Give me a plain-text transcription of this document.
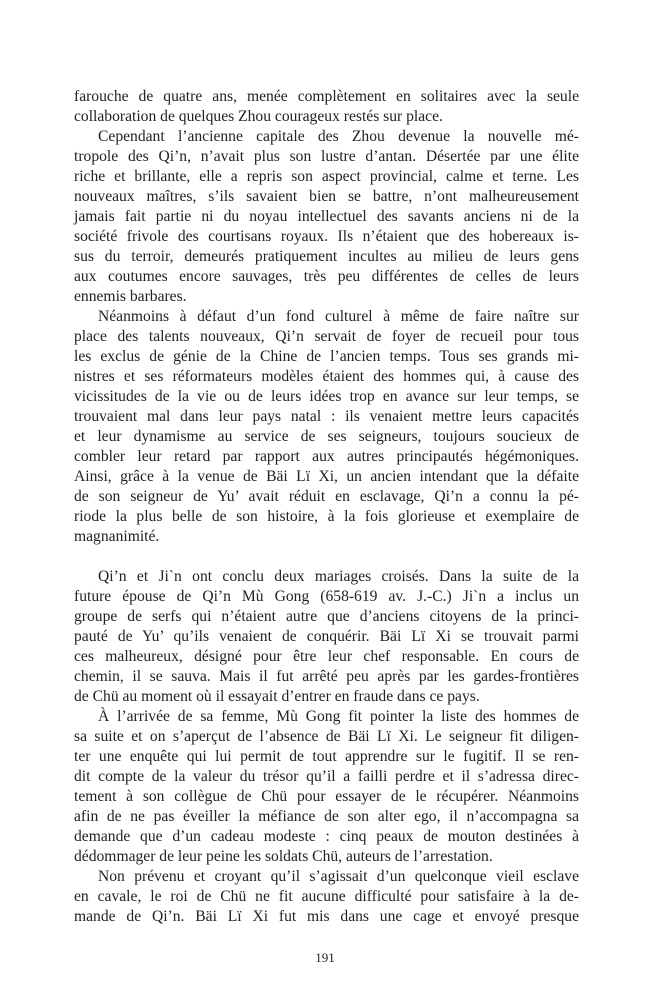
farouche de quatre ans, menée complètement en solitaires avec la seule
collaboration de quelques Zhou courageux restés sur place.
Cependant l’ancienne capitale des Zhou devenue la nouvelle mé-
tropole des Qi’n, n’avait plus son lustre d’antan. Désertée par une élite
riche et brillante, elle a repris son aspect provincial, calme et terne. Les
nouveaux maîtres, s’ils savaient bien se battre, n’ont malheureusement
jamais fait partie ni du noyau intellectuel des savants anciens ni de la
société frivole des courtisans royaux. Ils n’étaient que des hobereaux is-
sus du terroir, demeurés pratiquement incultes au milieu de leurs gens
aux coutumes encore sauvages, très peu différentes de celles de leurs
ennemis barbares.
Néanmoins à défaut d’un fond culturel à même de faire naître sur
place des talents nouveaux, Qi’n servait de foyer de recueil pour tous
les exclus de génie de la Chine de l’ancien temps. Tous ses grands mi-
nistres et ses réformateurs modèles étaient des hommes qui, à cause des
vicissitudes de la vie ou de leurs idées trop en avance sur leur temps, se
trouvaient mal dans leur pays natal : ils venaient mettre leurs capacités
et leur dynamisme au service de ses seigneurs, toujours soucieux de
combler leur retard par rapport aux autres principautés hégémoniques.
Ainsi, grâce à la venue de Bäi Lï Xi, un ancien intendant que la défaite
de son seigneur de Yu’ avait réduit en esclavage, Qi’n a connu la pé-
riode la plus belle de son histoire, à la fois glorieuse et exemplaire de
magnanimité.
Qi’n et Ji`n ont conclu deux mariages croisés. Dans la suite de la
future épouse de Qi’n Mù Gong (658-619 av. J.-C.) Ji`n a inclus un
groupe de serfs qui n’étaient autre que d’anciens citoyens de la princi-
pauté de Yu’ qu’ils venaient de conquérir. Bäi Lï Xi se trouvait parmi
ces malheureux, désigné pour être leur chef responsable. En cours de
chemin, il se sauva. Mais il fut arrêté peu après par les gardes-frontières
de Chü au moment où il essayait d’entrer en fraude dans ce pays.
À l’arrivée de sa femme, Mù Gong fit pointer la liste des hommes de
sa suite et on s’aperçut de l’absence de Bäi Lï Xi. Le seigneur fit diligen-
ter une enquête qui lui permit de tout apprendre sur le fugitif. Il se ren-
dit compte de la valeur du trésor qu’il a failli perdre et il s’adressa direc-
tement à son collègue de Chü pour essayer de le récupérer. Néanmoins
afin de ne pas éveiller la méfiance de son alter ego, il n’accompagna sa
demande que d’un cadeau modeste : cinq peaux de mouton destinées à
dédommager de leur peine les soldats Chü, auteurs de l’arrestation.
Non prévenu et croyant qu’il s’agissait d’un quelconque vieil esclave
en cavale, le roi de Chü ne fit aucune difficulté pour satisfaire à la de-
mande de Qi’n. Bäi Lï Xi fut mis dans une cage et envoyé presque
191
